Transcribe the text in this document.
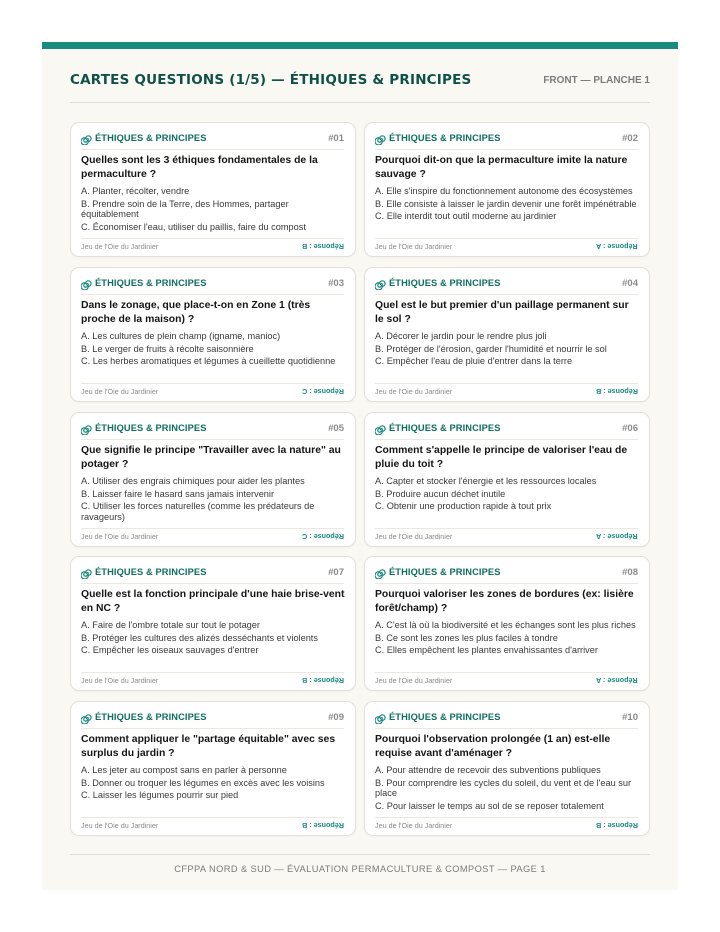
CARTES QUESTIONS (1/5) — ÉTHIQUES & PRINCIPES	FRONT — PLANCHE 1
ÉTHIQUES & PRINCIPES	#01
Quelles sont les 3 éthiques fondamentales de la permaculture ?
A. Planter, récolter, vendre
B. Prendre soin de la Terre, des Hommes, partager équitablement
C. Économiser l'eau, utiliser du paillis, faire du compost
Jeu de l'Oie du Jardinier	Réponse : B
ÉTHIQUES & PRINCIPES	#02
Pourquoi dit-on que la permaculture imite la nature sauvage ?
A. Elle s'inspire du fonctionnement autonome des écosystèmes
B. Elle consiste à laisser le jardin devenir une forêt impénétrable
C. Elle interdit tout outil moderne au jardinier
Jeu de l'Oie du Jardinier	Réponse : A
ÉTHIQUES & PRINCIPES	#03
Dans le zonage, que place-t-on en Zone 1 (très proche de la maison) ?
A. Les cultures de plein champ (igname, manioc)
B. Le verger de fruits à récolte saisonnière
C. Les herbes aromatiques et légumes à cueillette quotidienne
Jeu de l'Oie du Jardinier	Réponse : C
ÉTHIQUES & PRINCIPES	#04
Quel est le but premier d'un paillage permanent sur le sol ?
A. Décorer le jardin pour le rendre plus joli
B. Protéger de l'érosion, garder l'humidité et nourrir le sol
C. Empêcher l'eau de pluie d'entrer dans la terre
Jeu de l'Oie du Jardinier	Réponse : B
ÉTHIQUES & PRINCIPES	#05
Que signifie le principe "Travailler avec la nature" au potager ?
A. Utiliser des engrais chimiques pour aider les plantes
B. Laisser faire le hasard sans jamais intervenir
C. Utiliser les forces naturelles (comme les prédateurs de ravageurs)
Jeu de l'Oie du Jardinier	Réponse : C
ÉTHIQUES & PRINCIPES	#06
Comment s'appelle le principe de valoriser l'eau de pluie du toit ?
A. Capter et stocker l'énergie et les ressources locales
B. Produire aucun déchet inutile
C. Obtenir une production rapide à tout prix
Jeu de l'Oie du Jardinier	Réponse : A
ÉTHIQUES & PRINCIPES	#07
Quelle est la fonction principale d'une haie brise-vent en NC ?
A. Faire de l'ombre totale sur tout le potager
B. Protéger les cultures des alizés desséchants et violents
C. Empêcher les oiseaux sauvages d'entrer
Jeu de l'Oie du Jardinier	Réponse : B
ÉTHIQUES & PRINCIPES	#08
Pourquoi valoriser les zones de bordures (ex: lisière forêt/champ) ?
A. C'est là où la biodiversité et les échanges sont les plus riches
B. Ce sont les zones les plus faciles à tondre
C. Elles empêchent les plantes envahissantes d'arriver
Jeu de l'Oie du Jardinier	Réponse : A
ÉTHIQUES & PRINCIPES	#09
Comment appliquer le "partage équitable" avec ses surplus du jardin ?
A. Les jeter au compost sans en parler à personne
B. Donner ou troquer les légumes en excès avec les voisins
C. Laisser les légumes pourrir sur pied
Jeu de l'Oie du Jardinier	Réponse : B
ÉTHIQUES & PRINCIPES	#10
Pourquoi l'observation prolongée (1 an) est-elle requise avant d'aménager ?
A. Pour attendre de recevoir des subventions publiques
B. Pour comprendre les cycles du soleil, du vent et de l'eau sur place
C. Pour laisser le temps au sol de se reposer totalement
Jeu de l'Oie du Jardinier	Réponse : B
CFPPA NORD & SUD — ÉVALUATION PERMACULTURE & COMPOST — PAGE 1
